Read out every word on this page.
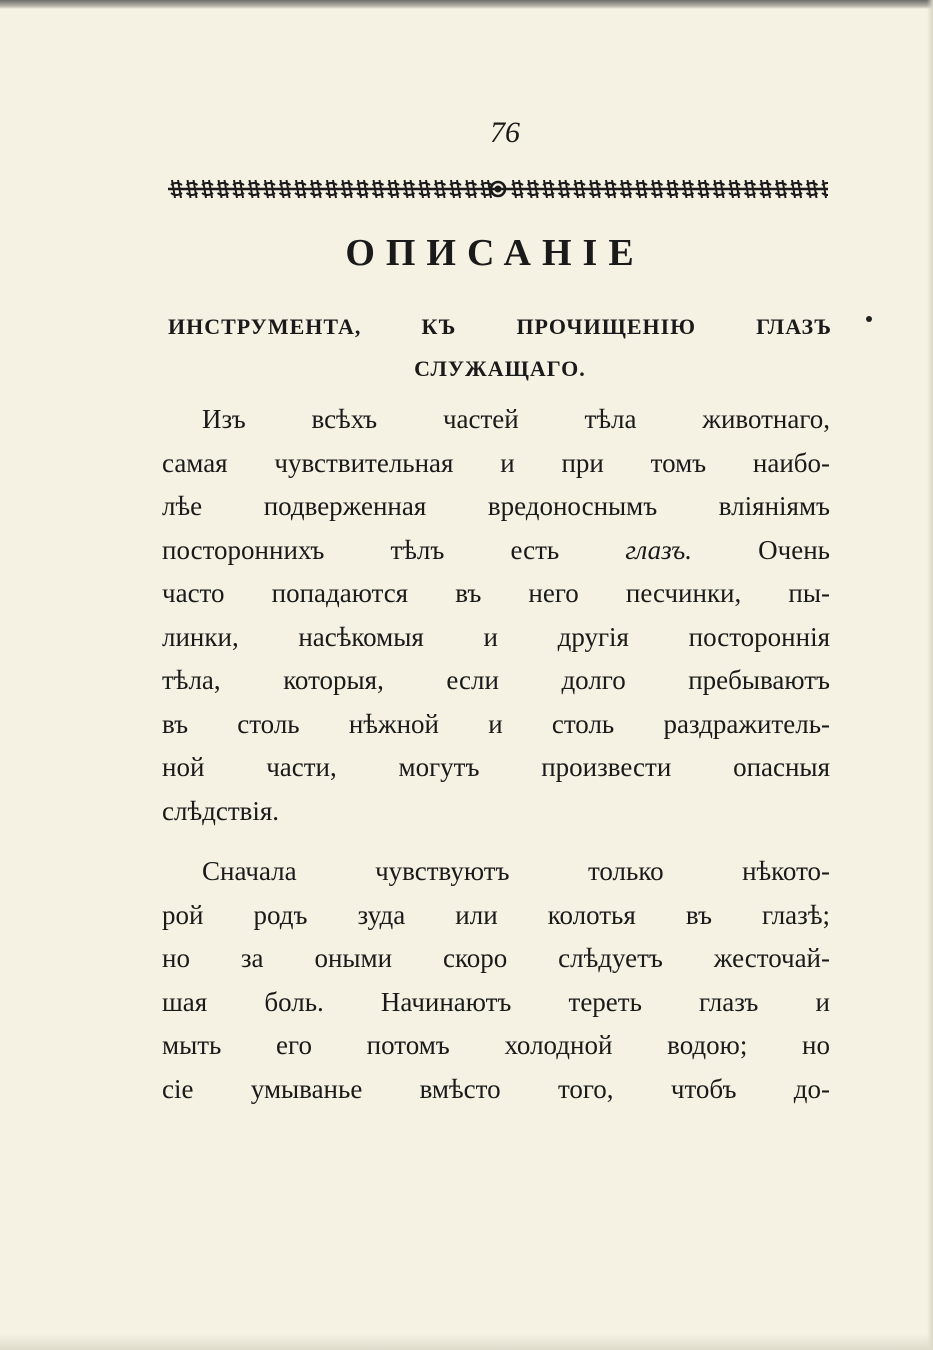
76
ОПИСАНІЕ
ИНСТРУМЕНТА, КЪ ПРОЧИЩЕНІЮ ГЛАЗЪ
СЛУЖАЩАГО.
Изъ всѣхъ частей тѣла животнаго,
самая чувствительная и при томъ наибо-
лѣе подверженная вредоноснымъ вліяніямъ
постороннихъ тѣлъ есть глазъ. Очень
часто попадаются въ него песчинки, пы-
линки, насѣкомыя и другія постороннія
тѣла, которыя, если долго пребываютъ
въ столь нѣжной и столь раздражитель-
ной части, могутъ произвести опасныя
слѣдствія.
Сначала чувствуютъ только нѣкото-
рой родъ зуда или колотья въ глазѣ;
но за оными скоро слѣдуетъ жесточай-
шая боль. Начинаютъ тереть глазъ и
мыть его потомъ холодной водою; но
сіе умыванье вмѣсто того, чтобъ до-
